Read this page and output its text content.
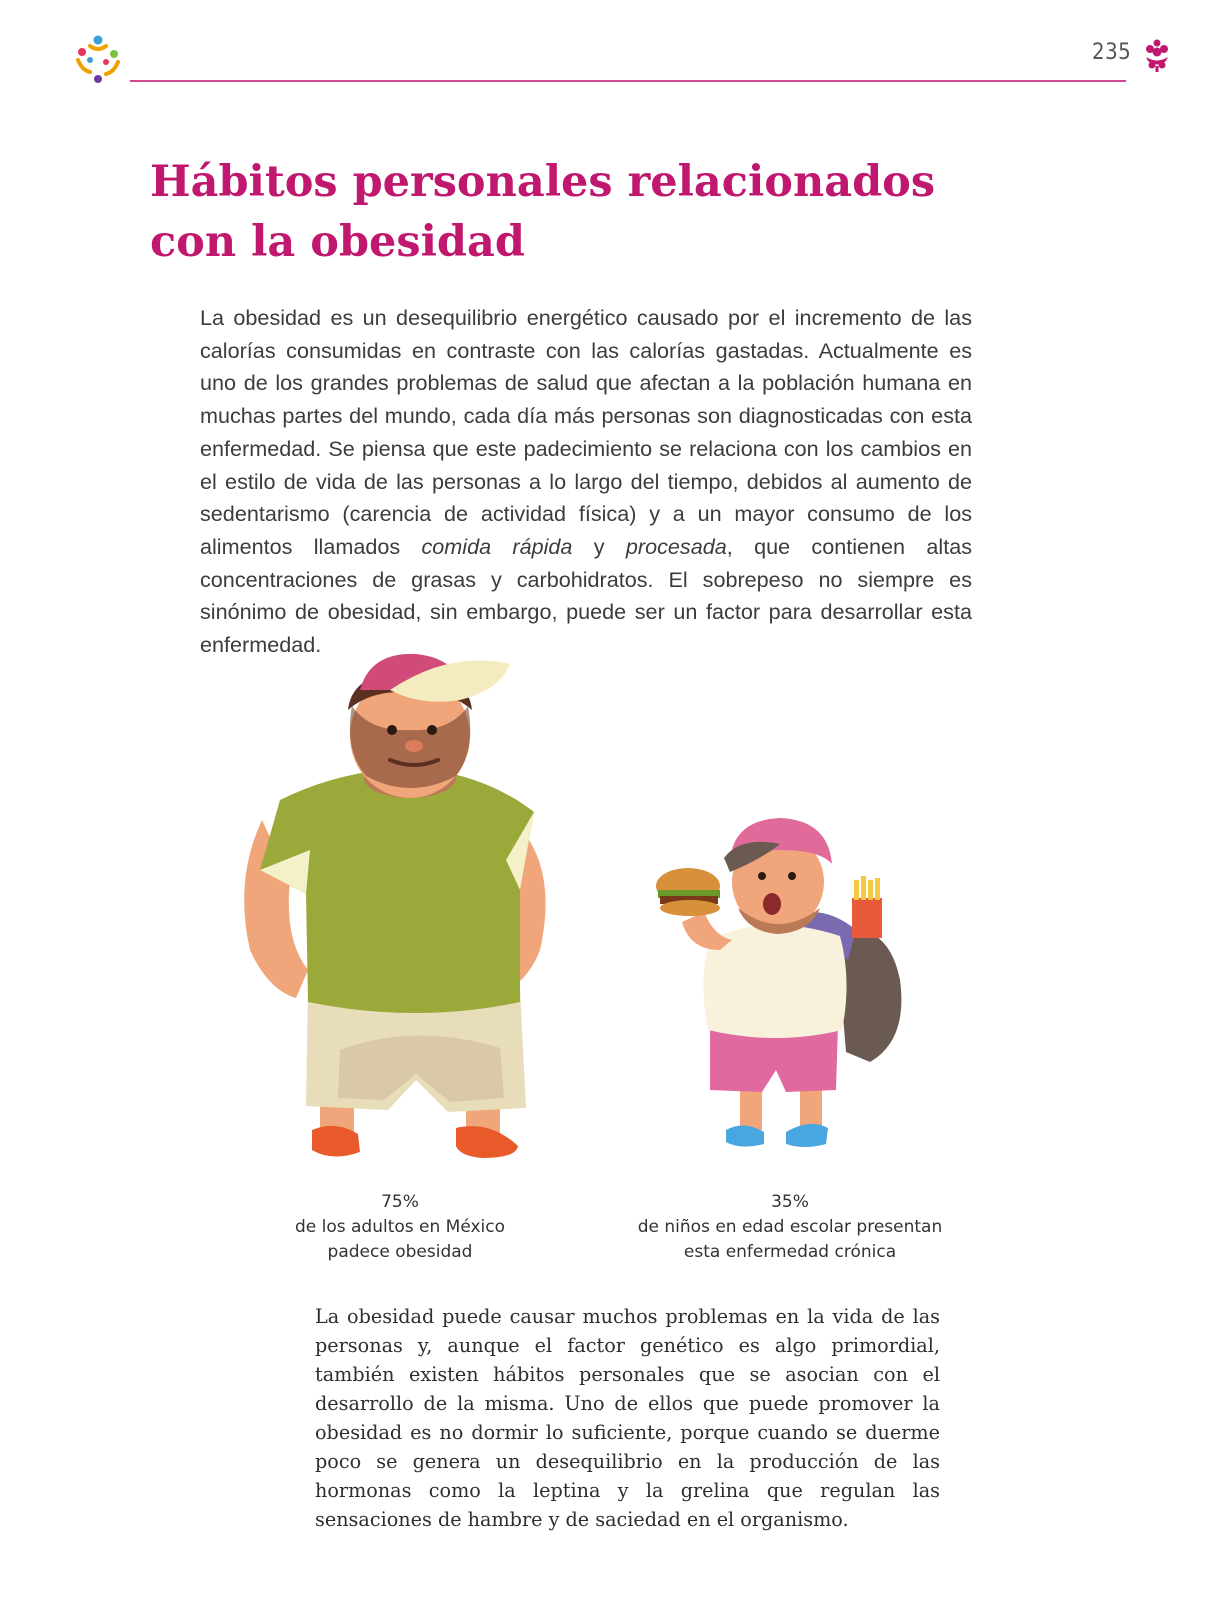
235
Hábitos personales relacionados
con la obesidad

La obesidad es un desequilibrio energético causado por el incremento de las calorías consumidas en contraste con las calorías gastadas. Actualmente es uno de los grandes problemas de salud que afectan a la población humana en muchas partes del mundo, cada día más personas son diagnosticadas con esta enfermedad. Se piensa que este padecimiento se relaciona con los cambios en el estilo de vida de las personas a lo largo del tiempo, debidos al aumento de sedentarismo (carencia de actividad física) y a un mayor consumo de los alimentos llamados comida rápida y procesada, que contienen altas concentraciones de grasas y carbohidratos. El sobrepeso no siempre es sinónimo de obesidad, sin embargo, puede ser un factor para desarrollar esta enfermedad.

75%
de los adultos en México
padece obesidad
35%
de niños en edad escolar presentan
esta enfermedad crónica

La obesidad puede causar muchos problemas en la vida de las personas y, aunque el factor genético es algo primordial, también existen hábitos personales que se asocian con el desarrollo de la misma. Uno de ellos que puede promover la obesidad es no dormir lo suficiente, porque cuando se duerme poco se genera un desequilibrio en la producción de las hormonas como la leptina y la grelina que regulan las sensaciones de hambre y de saciedad en el organismo.
